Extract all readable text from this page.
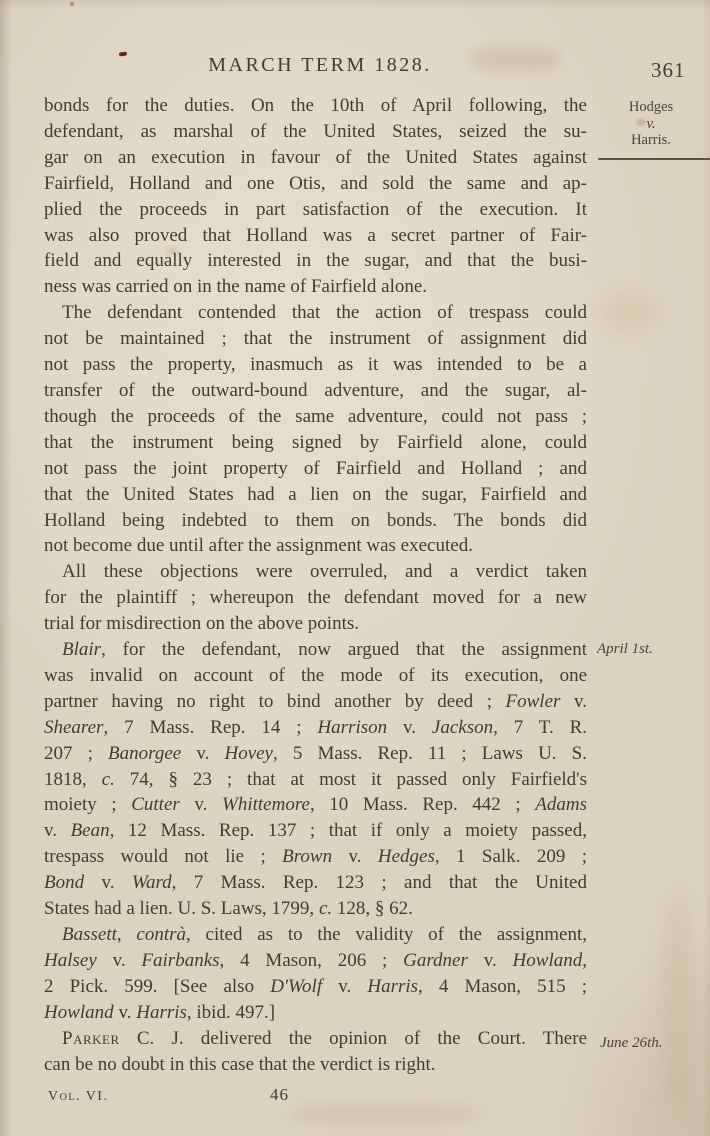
MARCH TERM 1828.	361
bonds for the duties. On the 10th of April following, the
defendant, as marshal of the United States, seized the su-
gar on an execution in favour of the United States against
Fairfield, Holland and one Otis, and sold the same and ap-
plied the proceeds in part satisfaction of the execution. It
was also proved that Holland was a secret partner of Fair-
field and equally interested in the sugar, and that the busi-
ness was carried on in the name of Fairfield alone.
The defendant contended that the action of trespass could
not be maintained ; that the instrument of assignment did
not pass the property, inasmuch as it was intended to be a
transfer of the outward-bound adventure, and the sugar, al-
though the proceeds of the same adventure, could not pass ;
that the instrument being signed by Fairfield alone, could
not pass the joint property of Fairfield and Holland ; and
that the United States had a lien on the sugar, Fairfield and
Holland being indebted to them on bonds. The bonds did
not become due until after the assignment was executed.
All these objections were overruled, and a verdict taken
for the plaintiff ; whereupon the defendant moved for a new
trial for misdirection on the above points.
Blair, for the defendant, now argued that the assignment
was invalid on account of the mode of its execution, one
partner having no right to bind another by deed ; Fowler v.
Shearer, 7 Mass. Rep. 14 ; Harrison v. Jackson, 7 T. R.
207 ; Banorgee v. Hovey, 5 Mass. Rep. 11 ; Laws U. S.
1818, c. 74, § 23 ; that at most it passed only Fairfield's
moiety ; Cutter v. Whittemore, 10 Mass. Rep. 442 ; Adams
v. Bean, 12 Mass. Rep. 137 ; that if only a moiety passed,
trespass would not lie ; Brown v. Hedges, 1 Salk. 209 ;
Bond v. Ward, 7 Mass. Rep. 123 ; and that the United
States had a lien. U. S. Laws, 1799, c. 128, § 62.
Bassett, contrà, cited as to the validity of the assignment,
Halsey v. Fairbanks, 4 Mason, 206 ; Gardner v. Howland,
2 Pick. 599. [See also D'Wolf v. Harris, 4 Mason, 515 ;
Howland v. Harris, ibid. 497.]
Parker C. J. delivered the opinion of the Court. There
can be no doubt in this case that the verdict is right.
Hodges
v.
Harris.
April 1st.
June 26th.
Vol. VI.	46
